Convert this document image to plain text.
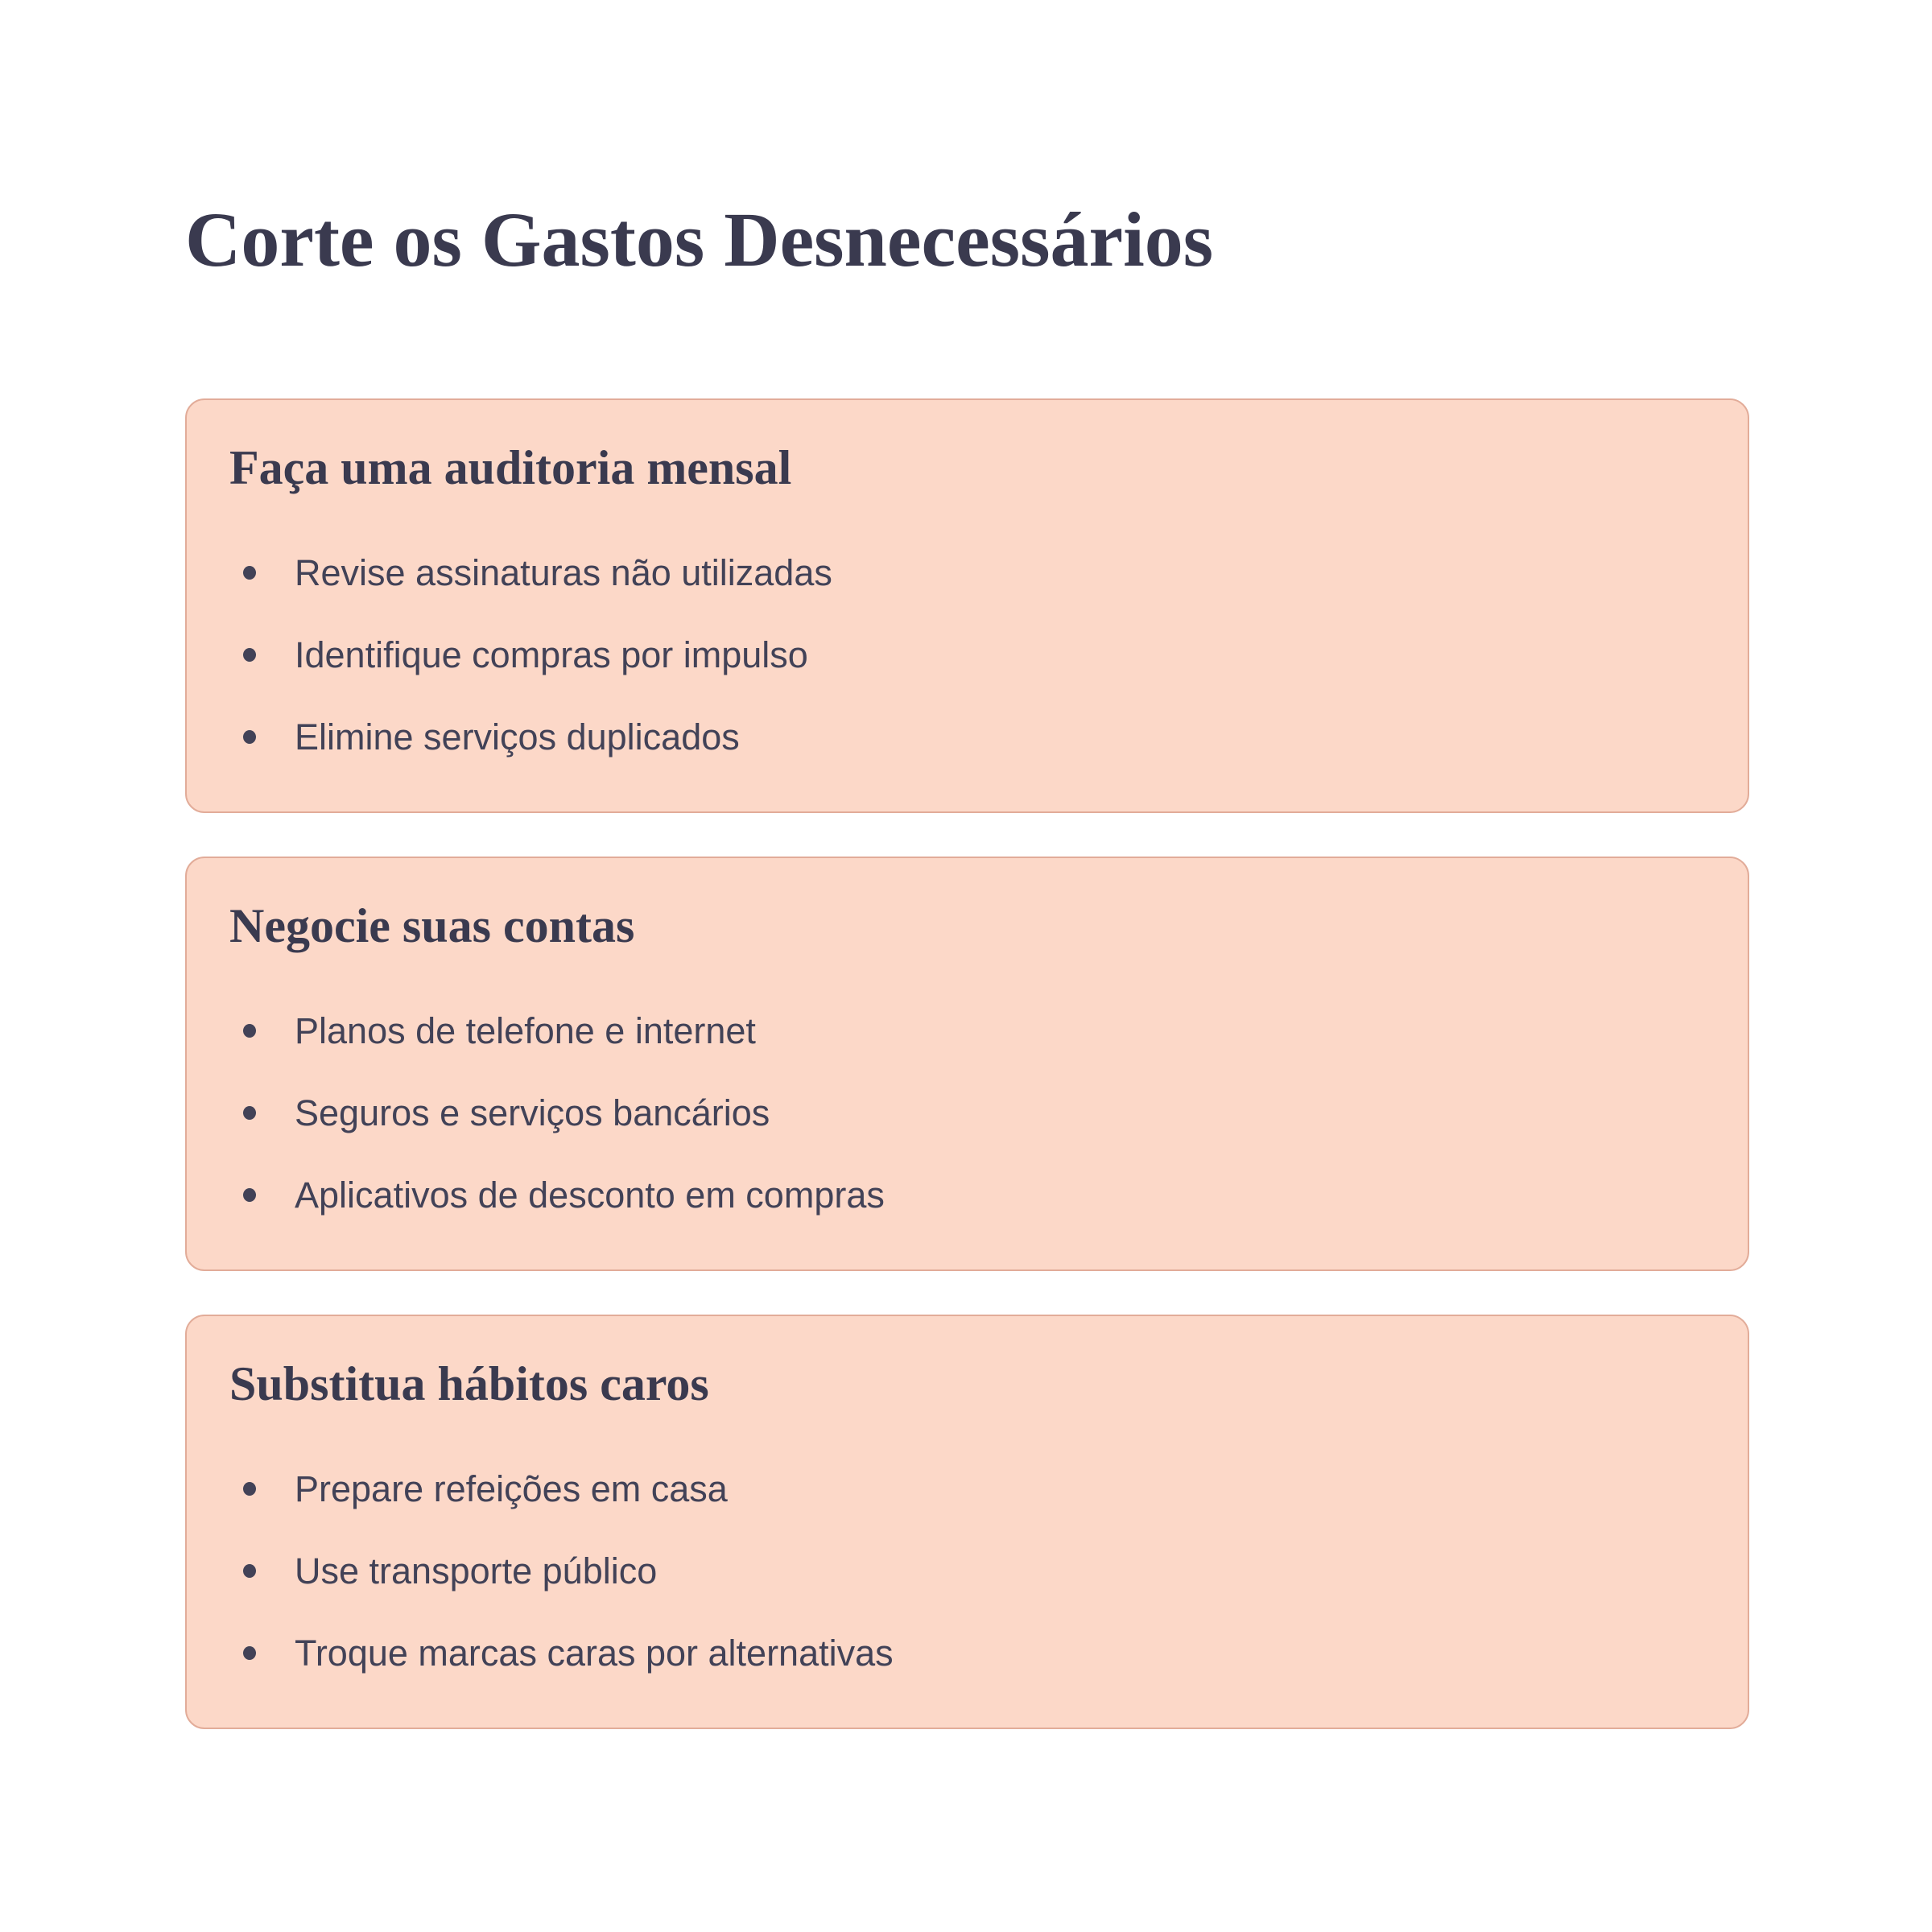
Corte os Gastos Desnecessários
Faça uma auditoria mensal
Revise assinaturas não utilizadas
Identifique compras por impulso
Elimine serviços duplicados
Negocie suas contas
Planos de telefone e internet
Seguros e serviços bancários
Aplicativos de desconto em compras
Substitua hábitos caros
Prepare refeições em casa
Use transporte público
Troque marcas caras por alternativas
